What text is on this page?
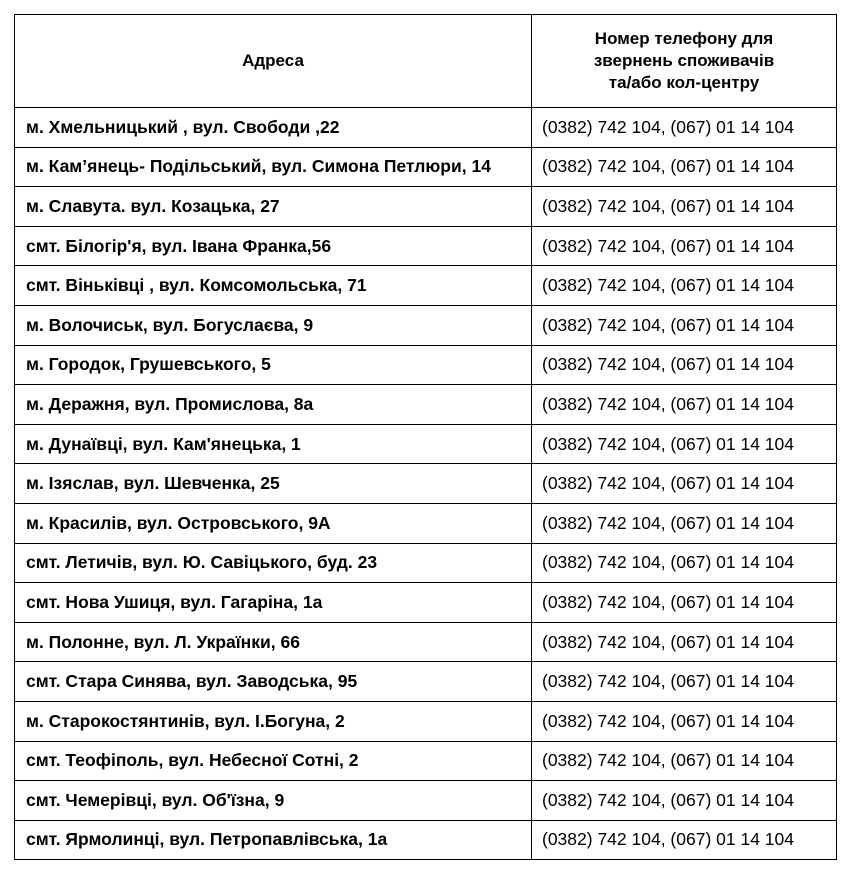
Адреса	Номер телефону для
звернень споживачів
та/або кол-центру
м. Хмельницький , вул. Свободи ,22	(0382) 742 104, (067) 01 14 104
м. Кам’янець- Подільський, вул. Симона Петлюри, 14	(0382) 742 104, (067) 01 14 104
м. Славута. вул. Козацька, 27	(0382) 742 104, (067) 01 14 104
смт. Білогір'я, вул. Івана Франка,56	(0382) 742 104, (067) 01 14 104
смт. Віньківці , вул. Комсомольська, 71	(0382) 742 104, (067) 01 14 104
м. Волочиськ, вул. Богуслаєва, 9	(0382) 742 104, (067) 01 14 104
м. Городок, Грушевського, 5	(0382) 742 104, (067) 01 14 104
м. Деражня, вул. Промислова, 8а	(0382) 742 104, (067) 01 14 104
м. Дунаївці, вул. Кам'янецька, 1	(0382) 742 104, (067) 01 14 104
м. Ізяслав, вул. Шевченка, 25	(0382) 742 104, (067) 01 14 104
м. Красилів, вул. Островського, 9А	(0382) 742 104, (067) 01 14 104
смт. Летичів, вул. Ю. Савіцького, буд. 23	(0382) 742 104, (067) 01 14 104
смт. Нова Ушиця, вул. Гагаріна, 1а	(0382) 742 104, (067) 01 14 104
м. Полонне, вул. Л. Українки, 66	(0382) 742 104, (067) 01 14 104
смт. Стара Синява, вул. Заводська, 95	(0382) 742 104, (067) 01 14 104
м. Старокостянтинів, вул. І.Богуна, 2	(0382) 742 104, (067) 01 14 104
смт. Теофіполь, вул. Небесної Сотні, 2	(0382) 742 104, (067) 01 14 104
смт. Чемерівці, вул. Об'їзна, 9	(0382) 742 104, (067) 01 14 104
смт. Ярмолинці, вул. Петропавлівська, 1а	(0382) 742 104, (067) 01 14 104
